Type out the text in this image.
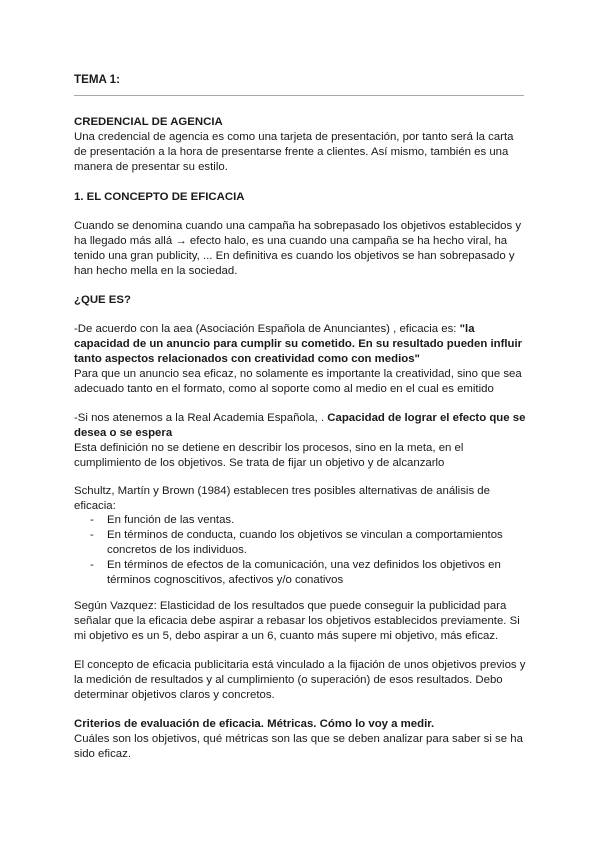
TEMA 1:

CREDENCIAL DE AGENCIA

Una credencial de agencia es como una tarjeta de presentación, por tanto será la carta de presentación a la hora de presentarse frente a clientes. Así mismo, también es una manera de presentar su estilo.

1. EL CONCEPTO DE EFICACIA

Cuando se denomina cuando una campaña ha sobrepasado los objetivos establecidos y ha llegado más allá → efecto halo, es una cuando una campaña se ha hecho viral, ha tenido una gran publicity, ... En definitiva es cuando los objetivos se han sobrepasado y han hecho mella en la sociedad.

¿QUE ES?

-De acuerdo con la aea (Asociación Española de Anunciantes) , eficacia es: "la capacidad de un anuncio para cumplir su cometido. En su resultado pueden influir tanto aspectos relacionados con creatividad como con medios"
Para que un anuncio sea eficaz, no solamente es importante la creatividad, sino que sea adecuado tanto en el formato, como al soporte como al medio en el cual es emitido

-Si nos atenemos a la Real Academia Española, . Capacidad de lograr el efecto que se desea o se espera
Esta definición no se detiene en describir los procesos, sino en la meta, en el cumplimiento de los objetivos. Se trata de fijar un objetivo y de alcanzarlo

Schultz, Martín y Brown (1984) establecen tres posibles alternativas de análisis de eficacia:

- En función de las ventas.
- En términos de conducta, cuando los objetivos se vinculan a comportamientos concretos de los individuos.
- En términos de efectos de la comunicación, una vez definidos los objetivos en términos cognoscitivos, afectivos y/o conativos

Según Vazquez: Elasticidad de los resultados que puede conseguir la publicidad para señalar que la eficacia debe aspirar a rebasar los objetivos establecidos previamente. Si mi objetivo es un 5, debo aspirar a un 6, cuanto más supere mi objetivo, más eficaz.

El concepto de eficacia publicitaria está vinculado a la fijación de unos objetivos previos y la medición de resultados y al cumplimiento (o superación) de esos resultados. Debo determinar objetivos claros y concretos.

Criterios de evaluación de eficacia. Métricas. Cómo lo voy a medir.

Cuáles son los objetivos, qué métricas son las que se deben analizar para saber si se ha sido eficaz.
